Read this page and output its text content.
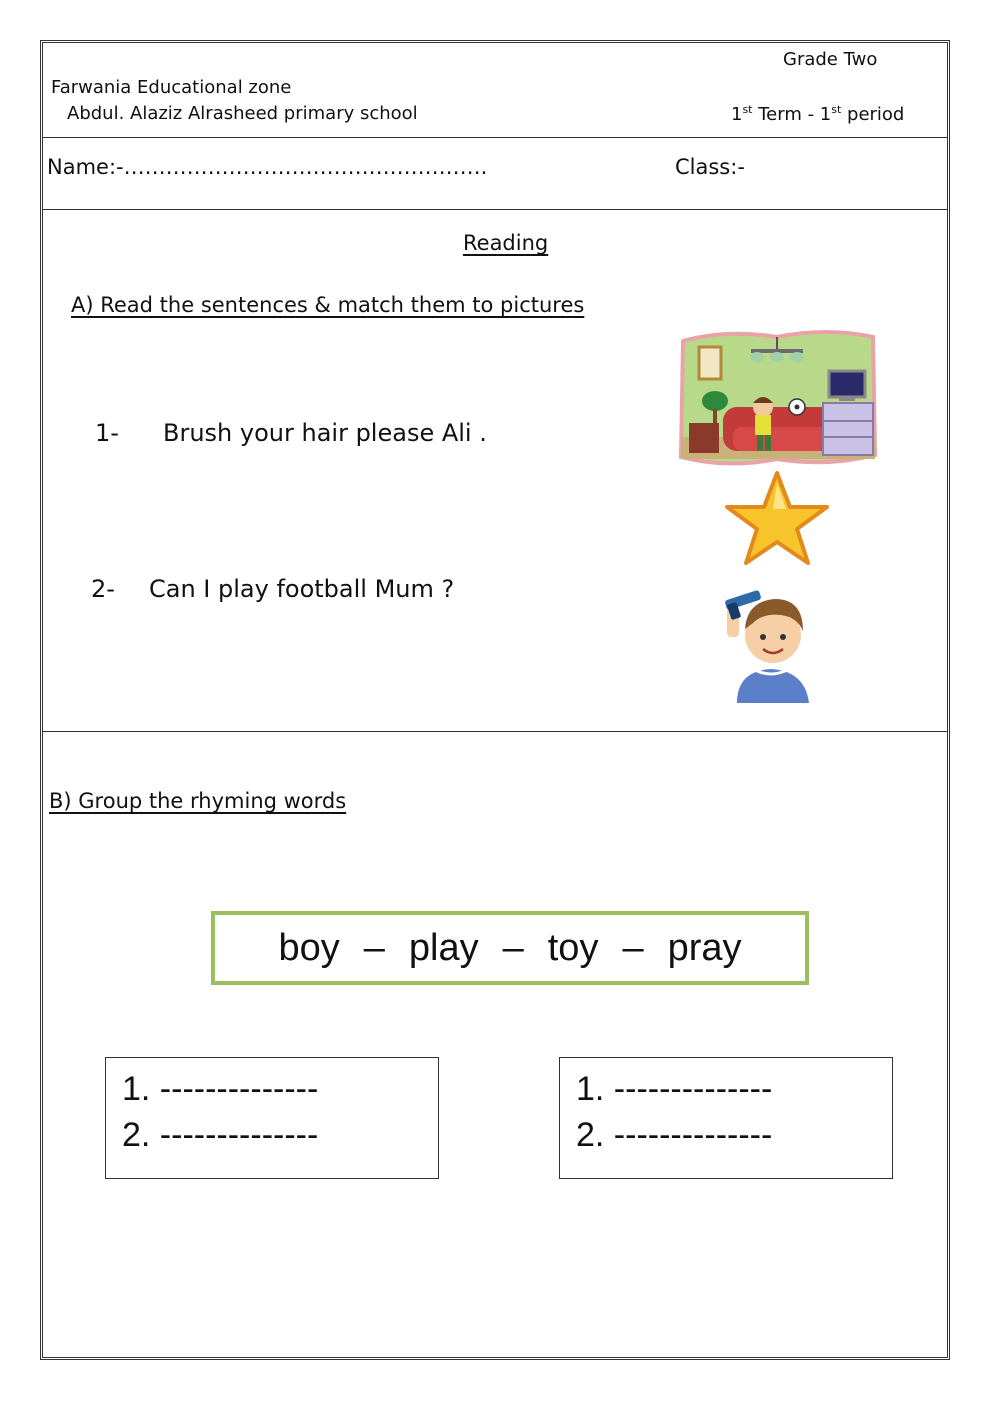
Grade Two
Farwania Educational zone
Abdul. Alaziz Alrasheed primary school	1st Term - 1st period
Name:-…………………………………………….	Class:-
Reading
A) Read the sentences & match them to pictures
1- Brush your hair please Ali .
2- Can I play football Mum ?
B) Group the rhyming words
boy – play – toy – pray
1. --------------
2. --------------
1. --------------
2. --------------
